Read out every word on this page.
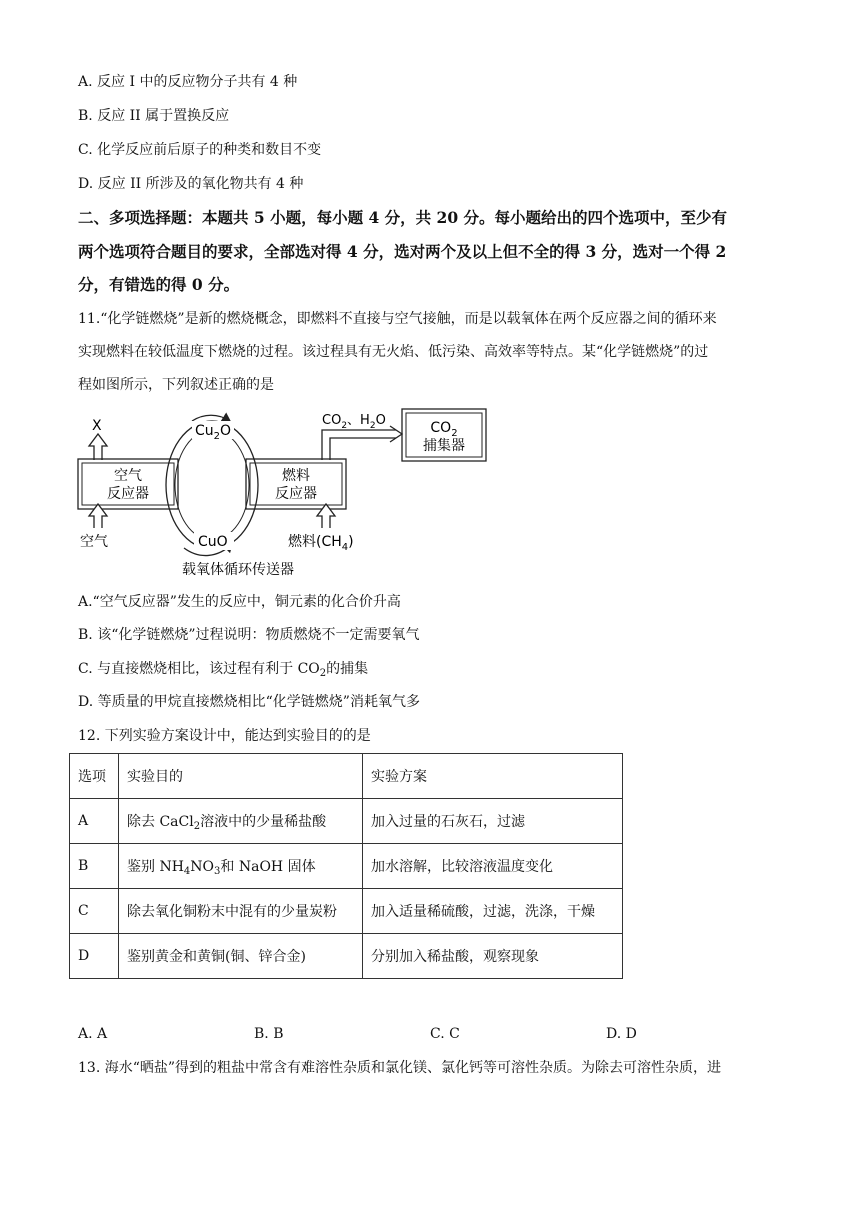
A. 反应 I 中的反应物分子共有 4 种
B. 反应 II 属于置换反应
C. 化学反应前后原子的种类和数目不变
D. 反应 II 所涉及的氧化物共有 4 种
二、多项选择题：本题共 5 小题，每小题 4 分，共 20 分。每小题给出的四个选项中，至少有
两个选项符合题目的要求，全部选对得 4 分，选对两个及以上但不全的得 3 分，选对一个得 2
分，有错选的得 0 分。
11.“化学链燃烧”是新的燃烧概念，即燃料不直接与空气接触，而是以载氧体在两个反应器之间的循环来
实现燃料在较低温度下燃烧的过程。该过程具有无火焰、低污染、高效率等特点。某“化学链燃烧”的过
程如图所示，下列叙述正确的是
X
空气
反应器
空气
燃料
反应器
燃料$(CH_4)$
$Cu_2O$
CuO
$CO_2$、$H_2O$	$CO_2$
捕集器
载氧体循环传送器
A.“空气反应器”发生的反应中，铜元素的化合价升高
B. 该“化学链燃烧”过程说明：物质燃烧不一定需要氧气
C. 与直接燃烧相比，该过程有利于 $CO_2$的捕集
D. 等质量的甲烷直接燃烧相比“化学链燃烧”消耗氧气多
12. 下列实验方案设计中，能达到实验目的的是
选项	实验目的	实验方案
A	除去 CaCl$_2$溶液中的少量稀盐酸	加入过量的石灰石，过滤
B	鉴别 $NH_4NO_3$和 NaOH 固体	加水溶解，比较溶液温度变化
C	除去氧化铜粉末中混有的少量炭粉	加入适量稀硫酸，过滤，洗涤，干燥
D	鉴别黄金和黄铜(铜、锌合金)	分别加入稀盐酸，观察现象
A. A	B. B	C. C	D. D
13. 海水“晒盐”得到的粗盐中常含有难溶性杂质和氯化镁、氯化钙等可溶性杂质。为除去可溶性杂质，进
